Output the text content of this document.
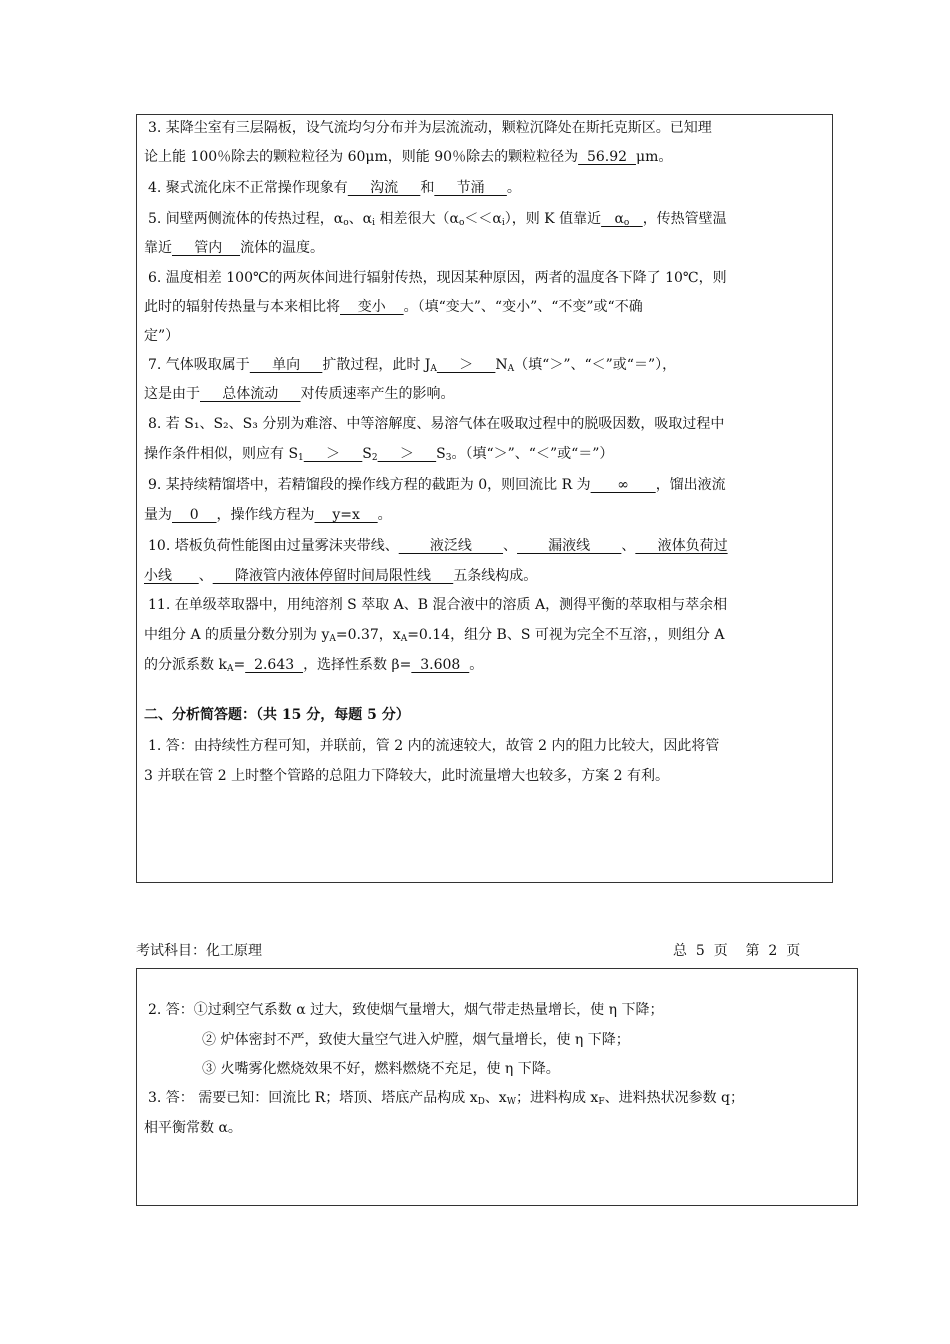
3. 某降尘室有三层隔板，设气流均匀分布并为层流流动，颗粒沉降处在斯托克斯区。已知理
论上能 100％除去的颗粒粒径为 60μm，则能 90％除去的颗粒粒径为  56.92  μm。
4. 聚式流化床不正常操作现象有     沟流     和     节涌     。
5. 间壁两侧流体的传热过程，$\alpha_o$、$\alpha_i$ 相差很大$(\alpha_o<<\alpha_i)$，则 K 值靠近   $\alpha_o$ ，传热管壁温
靠近     管内    流体的温度。
6. 温度相差 100℃的两灰体间进行辐射传热，现因某种原因，两者的温度各下降了 10℃，则
此时的辐射传热量与本来相比将    变小    。（填“变大”、“变小”、“不变”或“不确
定”）
7. 气体吸取属于     单向     扩散过程，此时 $J_A$     ＞     $N_A$（填“＞”、“＜”或“＝”），
这是由于     总体流动     对传质速率产生的影响。
8. 若 S₁、S₂、S₃ 分别为难溶、中等溶解度、易溶气体在吸取过程中的脱吸因数，吸取过程中
操作条件相似，则应有 $S_1$     ＞     $S_2$     ＞     $S_3$。（填“＞”、“＜”或“＝”）
9. 某持续精馏塔中，若精馏段的操作线方程的截距为 0，则回流比 R 为      ∞      ，馏出液流
量为    0    ，操作线方程为    y=x    。
10. 塔板负荷性能图由过量雾沫夹带线、       液泛线       、       漏液线       、     液体负荷过
小线      、     降液管内液体停留时间局限性线     五条线构成。
11. 在单级萃取器中，用纯溶剂 S 萃取 A、B 混合液中的溶质 A，测得平衡的萃取相与萃余相
中组分 A 的质量分数分别为 $y_A=0.37$，$x_A=0.14$，组分 B、S 可视为完全不互溶，，则组分 A
的分派系数 $k_A= 2.643$  ，选择性系数 β=  3.608  。
二、分析简答题：（共 15 分，每题 5 分）
1. 答：由持续性方程可知，并联前，管 2 内的流速较大，故管 2 内的阻力比较大，因此将管
3 并联在管 2 上时整个管路的总阻力下降较大，此时流量增大也较多，方案 2 有利。
考试科目：化工原理	总  5  页    第  2  页
2. 答：①过剩空气系数 α 过大，致使烟气量增大，烟气带走热量增长，使 η 下降；
② 炉体密封不严，致使大量空气进入炉膛，烟气量增长，使 η 下降；
③ 火嘴雾化燃烧效果不好，燃料燃烧不充足，使 η 下降。
3. 答： 需要已知：回流比 R；塔顶、塔底产品构成 $x_D$、$x_W$；进料构成 $x_F$、进料热状况参数 q；
相平衡常数 α。
